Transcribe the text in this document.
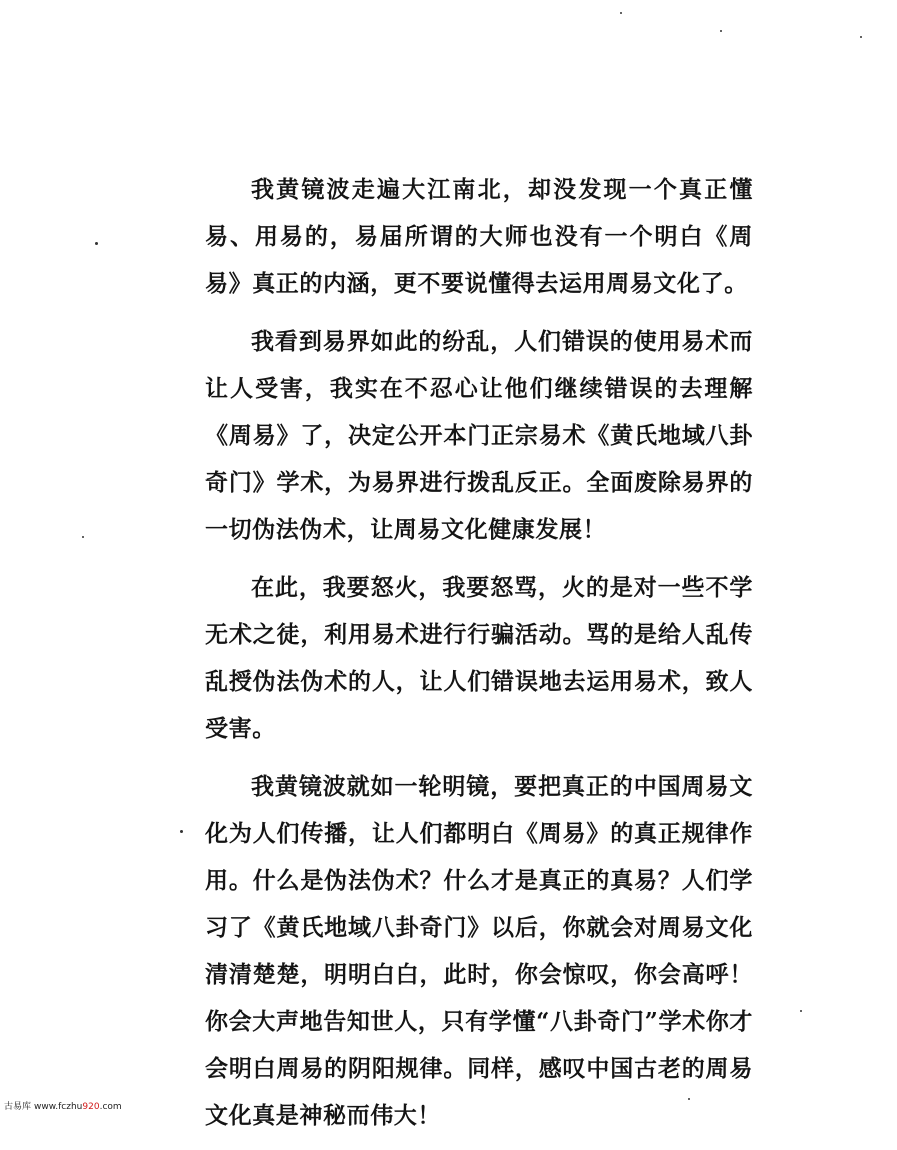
我黄镜波走遍大江南北，却没发现一个真正懂易、用易的，易届所谓的大师也没有一个明白《周易》真正的内涵，更不要说懂得去运用周易文化了。

我看到易界如此的纷乱，人们错误的使用易术而让人受害，我实在不忍心让他们继续错误的去理解《周易》了，决定公开本门正宗易术《黄氏地域八卦奇门》学术，为易界进行拨乱反正。全面废除易界的一切伪法伪术，让周易文化健康发展！

在此，我要怒火，我要怒骂，火的是对一些不学无术之徒，利用易术进行行骗活动。骂的是给人乱传乱授伪法伪术的人，让人们错误地去运用易术，致人受害。

我黄镜波就如一轮明镜，要把真正的中国周易文化为人们传播，让人们都明白《周易》的真正规律作用。什么是伪法伪术？什么才是真正的真易？人们学习了《黄氏地域八卦奇门》以后，你就会对周易文化清清楚楚，明明白白，此时，你会惊叹，你会高呼！你会大声地告知世人，只有学懂“八卦奇门”学术你才会明白周易的阴阳规律。同样，感叹中国古老的周易文化真是神秘而伟大！

古易库 www.fczhu920.com
